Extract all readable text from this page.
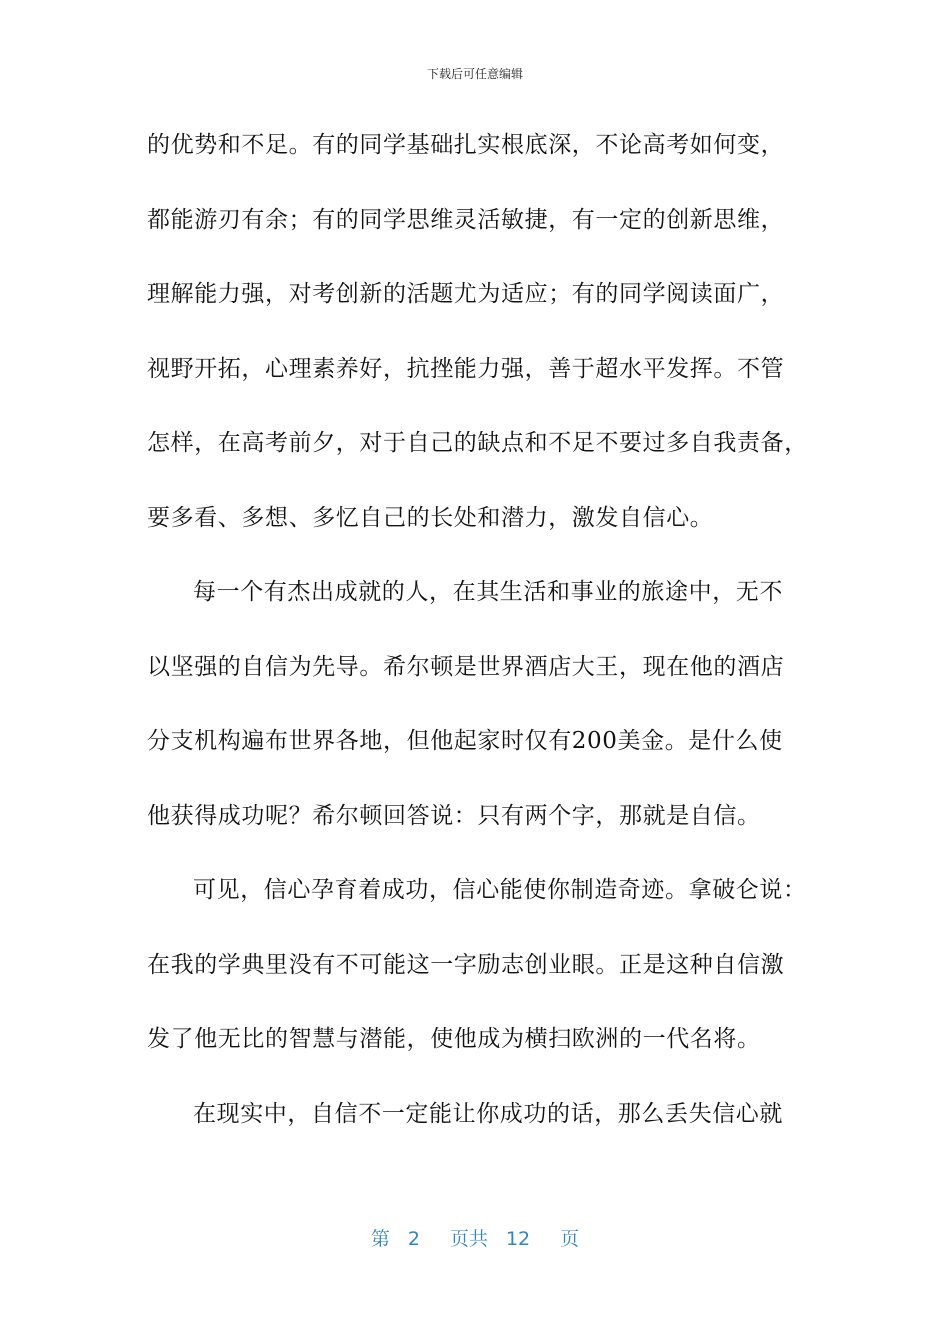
下载后可任意编辑
的优势和不足。有的同学基础扎实根底深，不论高考如何变，
都能游刃有余；有的同学思维灵活敏捷，有一定的创新思维，
理解能力强，对考创新的活题尤为适应；有的同学阅读面广，
视野开拓，心理素养好，抗挫能力强，善于超水平发挥。不管
怎样，在高考前夕，对于自己的缺点和不足不要过多自我责备，
要多看、多想、多忆自己的长处和潜力，激发自信心。
每一个有杰出成就的人，在其生活和事业的旅途中，无不
以坚强的自信为先导。希尔顿是世界酒店大王，现在他的酒店
分支机构遍布世界各地，但他起家时仅有200美金。是什么使
他获得成功呢？希尔顿回答说：只有两个字，那就是自信。
可见，信心孕育着成功，信心能使你制造奇迹。拿破仑说：
在我的学典里没有不可能这一字励志创业眼。正是这种自信激
发了他无比的智慧与潜能，使他成为横扫欧洲的一代名将。
在现实中，自信不一定能让你成功的话，那么丢失信心就
第 2 页共 12 页
